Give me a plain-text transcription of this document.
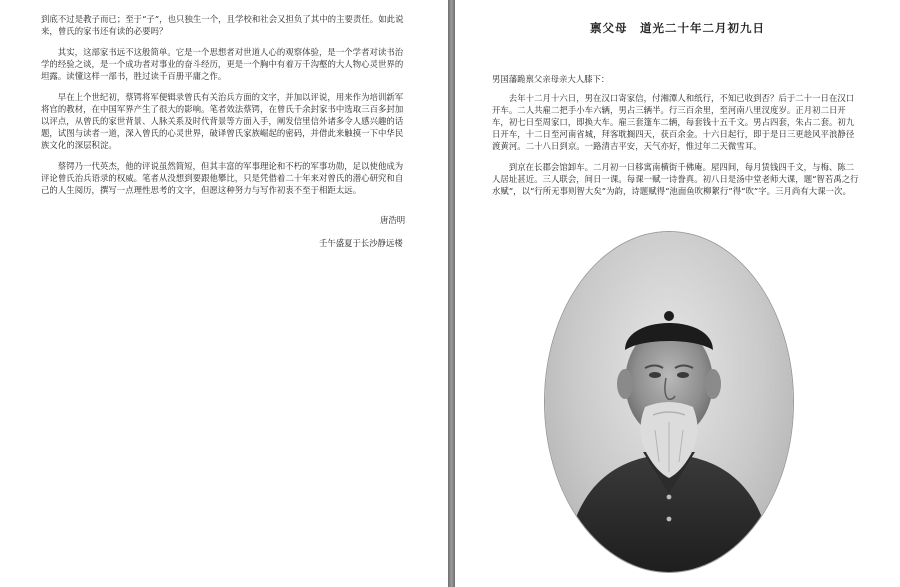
到底不过是教子而已；至于“子”，也只独生一个，且学校和社会又担负了其中的主要责任。如此说来，曾氏的家书还有读的必要吗？

其实，这部家书远不这般简单。它是一个思想者对世道人心的观察体验，是一个学者对读书治学的经验之谈，是一个成功者对事业的奋斗经历，更是一个胸中有着万千沟壑的大人物心灵世界的坦露。读懂这样一部书，胜过读千百册平庸之作。

早在上个世纪初，蔡锷将军便辑录曾氏有关治兵方面的文字，并加以评说，用来作为培训新军将官的教材，在中国军界产生了很大的影响。笔者效法蔡锷，在曾氏千余封家书中选取三百多封加以评点，从曾氏的家世背景、人脉关系及时代背景等方面入手，阐发信里信外诸多令人感兴趣的话题，试图与读者一道，深入曾氏的心灵世界，破译曾氏家族崛起的密码，并借此来触摸一下中华民族文化的深层积淀。

蔡锷乃一代英杰，他的评说虽然简短，但其丰富的军事理论和不朽的军事功勋，足以使他成为评论曾氏治兵语录的权威。笔者从没想到要跟他攀比，只是凭借着二十年来对曾氏的潜心研究和自己的人生阅历，撰写一点理性思考的文字，但愿这种努力与写作初衷不至于相距太远。

唐浩明
壬午盛夏于长沙静远楼
禀父母　道光二十年二月初九日
男国藩跪禀父亲母亲大人膝下：

去年十二月十六日，男在汉口寄家信，付湘潭人和纸行，不知已收到否？后于二十一日在汉口开车。二人共雇二把手小车六辆，男占三辆半。行三百余里，至河南八里汊度岁。正月初二日开车，初七日至周家口，即换大车。雇三套篷车二辆，每套钱十五千文。男占四套，朱占二套。初九日开车，十二日至河南省城，拜客耽搁四天，获百余金。十六日起行，即于是日三更趁风平浪静径渡黄河。二十八日到京。一路清吉平安，天气亦好，惟过年二天微雪耳。

到京在长郡会馆卸车。二月初一日移寓南横街千佛庵。屋四间，每月赁钱四千文，与梅、陈二人居址甚近。三人联会，间日一课。每课一赋一诗誊真。初八日是汤中堂老师大课，题“智若禹之行水赋”，以“行所无事则智大矣”为韵，诗题赋得“池面鱼吹柳絮行”得“吹”字。三月尚有大课一次。
